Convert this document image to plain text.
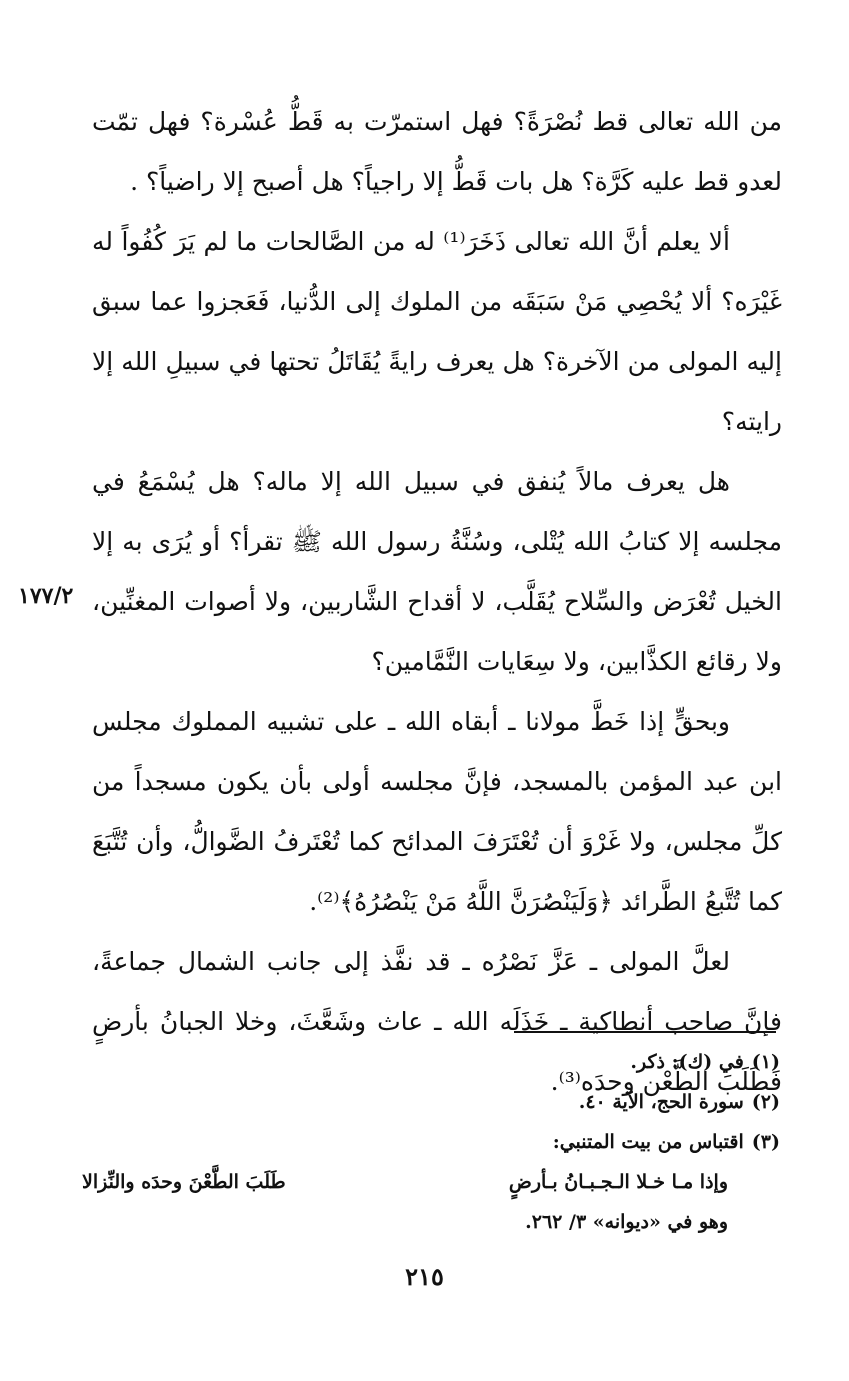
من الله تعالى قط نُصْرَةً؟ فهل استمرّت به قَطُّ عُسْرة؟ فهل تمّت لعدو قط عليه كَرَّة؟ هل بات قَطُّ إلا راجياً؟ هل أصبح إلا راضياً؟ .

ألا يعلم أنَّ الله تعالى ذَخَرَ⁽¹⁾ له من الصَّالحات ما لم يَرَ كُفُواً له غَيْرَه؟ ألا يُحْصِي مَنْ سَبَقَه من الملوك إلى الدُّنيا، فَعَجزوا عما سبق إليه المولى من الآخرة؟ هل يعرف رايةً يُقَاتَلُ تحتها في سبيلِ الله إلا رايته؟

هل يعرف مالاً يُنفق في سبيل الله إلا ماله؟ هل يُسْمَعُ في مجلسه إلا كتابُ الله يُتْلى، وسُنَّةُ رسول الله ﷺ تقرأ؟ أو يُرَى به إلا الخيل تُعْرَض والسِّلاح يُقَلَّب، لا أقداح الشَّاربين، ولا أصوات المغنِّين، ولا رقائع الكذَّابين، ولا سِعَايات النَّمَّامين؟

وبحقٍّ إذا خَطَّ مولانا ـ أبقاه الله ـ على تشبيه المملوك مجلس ابن عبد المؤمن بالمسجد، فإنَّ مجلسه أولى بأن يكون مسجداً من كلِّ مجلس، ولا غَرْوَ أن تُعْتَرَفَ المدائح كما تُعْتَرفُ الضَّوالُّ، وأن تُتَّبَعَ كما تُتَّبعُ الطَّرائد ﴿وَلَيَنْصُرَنَّ اللَّهُ مَنْ يَنْصُرُهُ﴾⁽²⁾.

لعلَّ المولى ـ عَزَّ نَصْرُه ـ قد نفَّذ إلى جانب الشمال جماعةً، فإنَّ صاحب أنطاكية ـ خَذَلَه الله ـ عاث وشَعَّثَ، وخلا الجبانُ بأرضٍ فَطَلَبَ الطَّعْن وحدَه⁽³⁾.

١٧٧/٢

(١)في (ك): ذكر.

(٢)سورة الحج، الآية ٤٠.

(٣)اقتباس من بيت المتنبي:

وإذا مـا خـلا الـجـبـانُ بـأرضٍ
طَلَبَ الطَّعْنَ وحدَه والنِّزالا

وهو في «ديوانه» ٣/ ٢٦٢.

٢١٥
